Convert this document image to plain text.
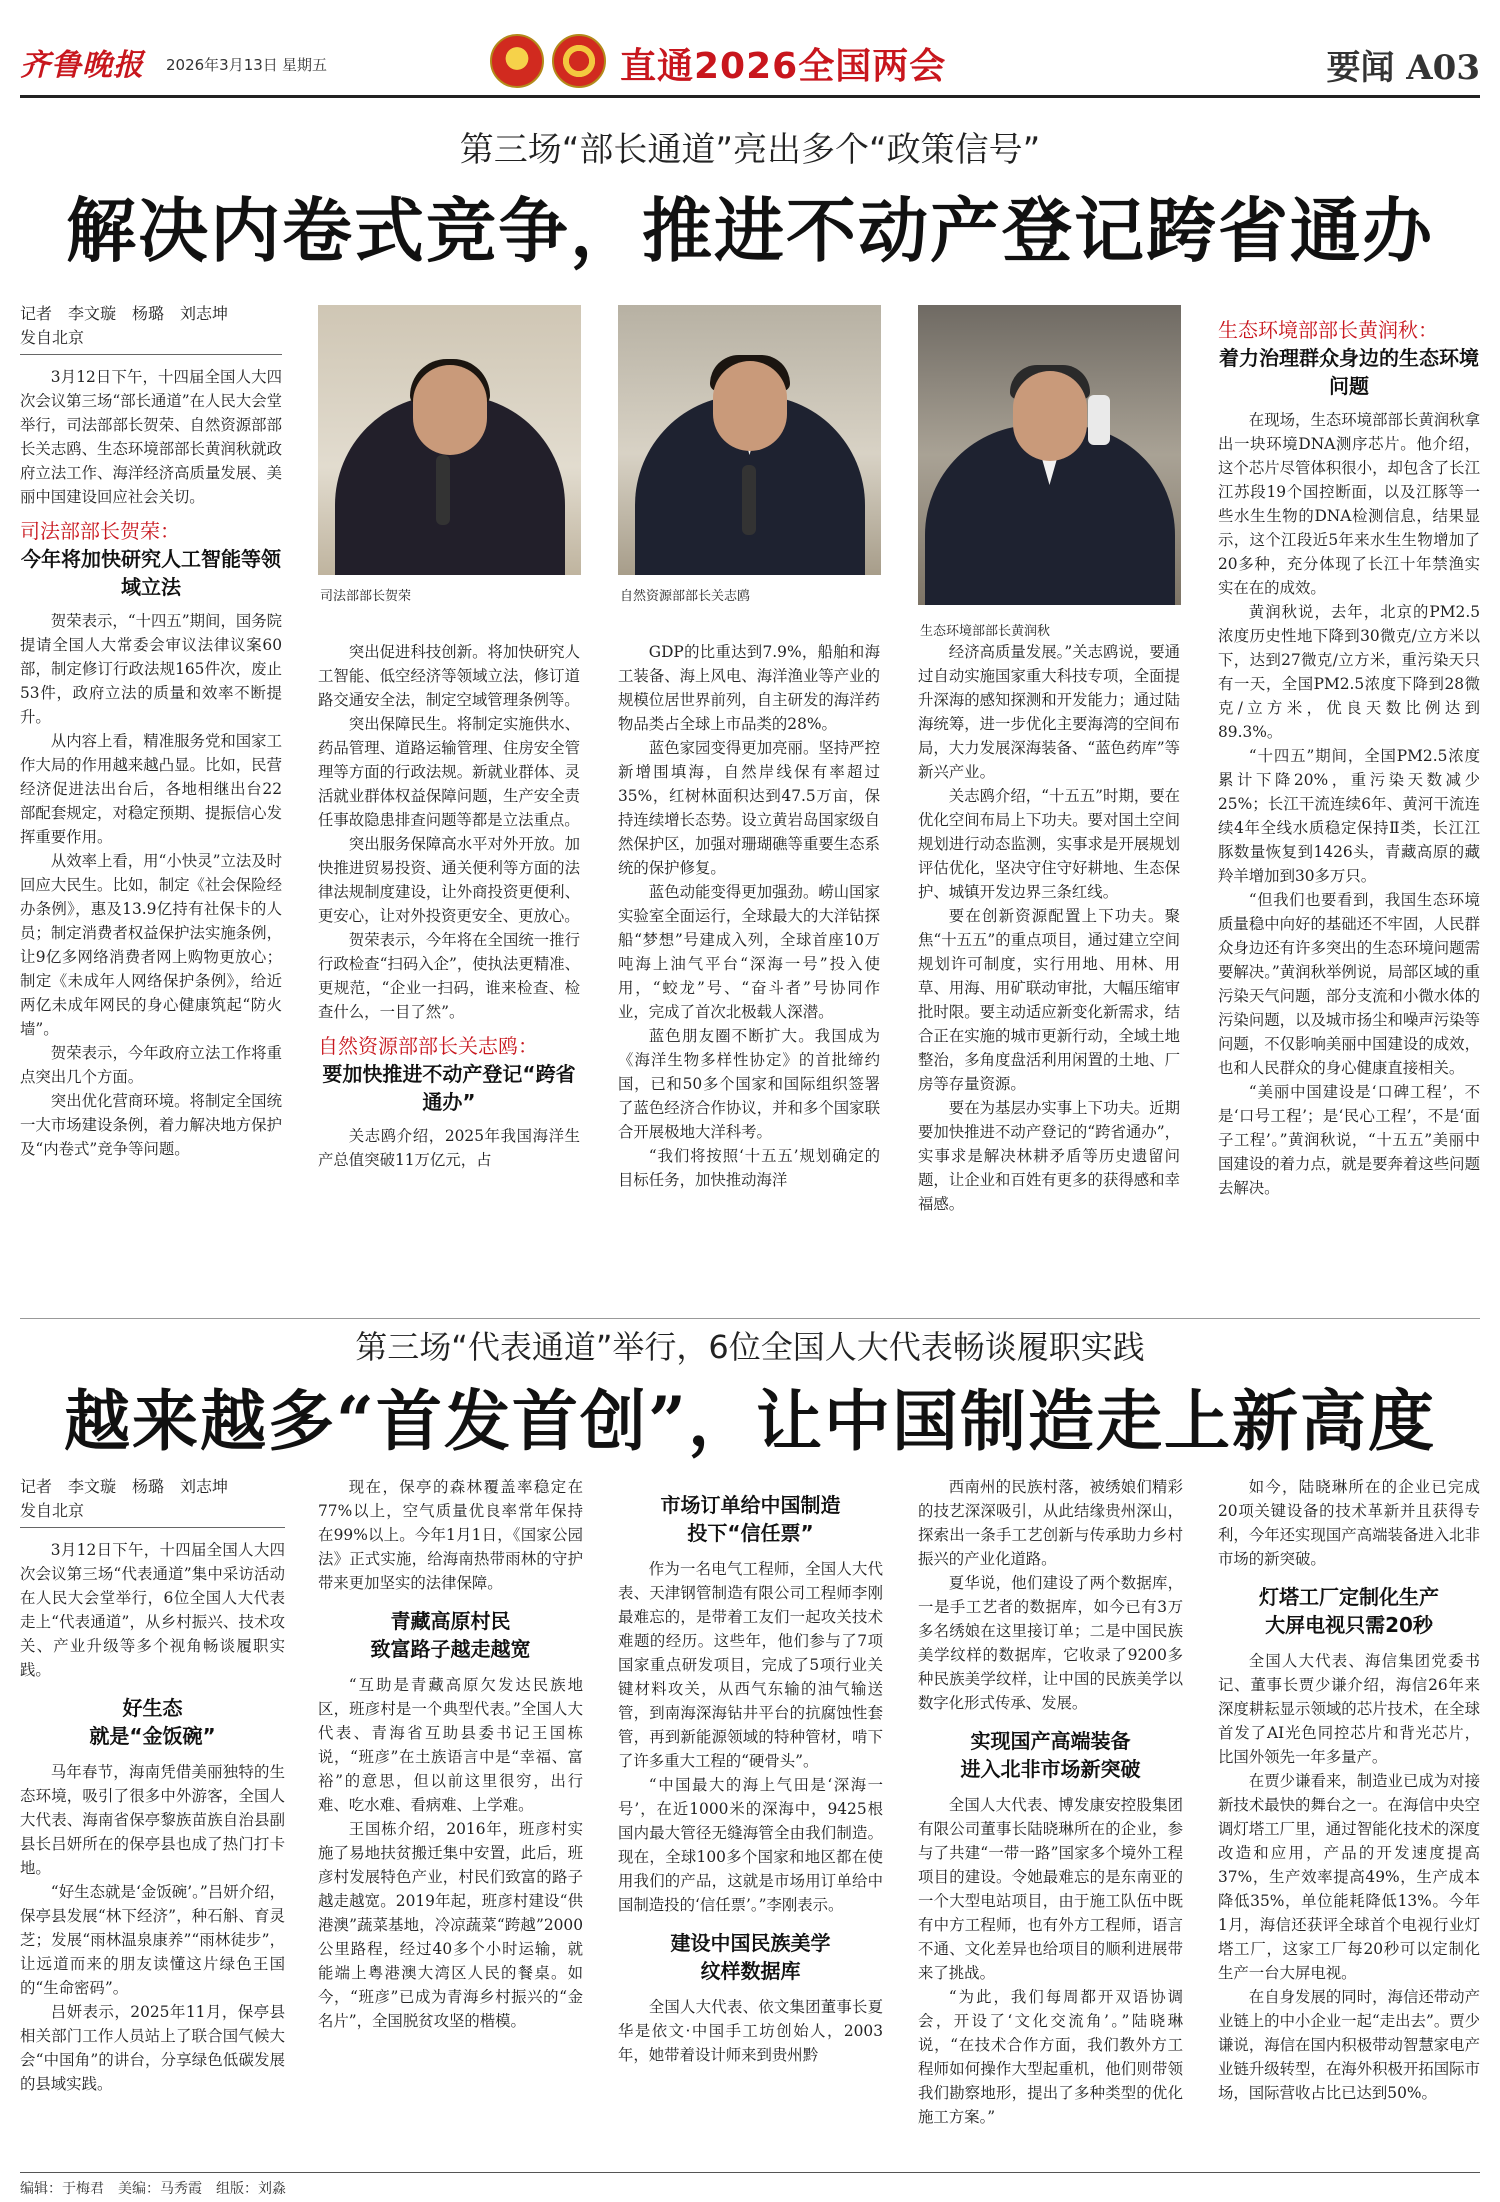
齐鲁晚报 2026年3月13日 星期五	直通2026全国两会	要闻 A03
第三场“部长通道”亮出多个“政策信号”
解决内卷式竞争，推进不动产登记跨省通办
记者　李文璇　杨璐　刘志坤
发自北京

3月12日下午，十四届全国人大四次会议第三场“部长通道”在人民大会堂举行，司法部部长贺荣、自然资源部部长关志鸥、生态环境部部长黄润秋就政府立法工作、海洋经济高质量发展、美丽中国建设回应社会关切。

司法部部长贺荣：
今年将加快研究人工智能等领域立法

贺荣表示，“十四五”期间，国务院提请全国人大常委会审议法律议案60部，制定修订行政法规165件次，废止53件，政府立法的质量和效率不断提升。

从内容上看，精准服务党和国家工作大局的作用越来越凸显。比如，民营经济促进法出台后，各地相继出台22部配套规定，对稳定预期、提振信心发挥重要作用。

从效率上看，用“小快灵”立法及时回应大民生。比如，制定《社会保险经办条例》，惠及13.9亿持有社保卡的人员；制定消费者权益保护法实施条例，让9亿多网络消费者网上购物更放心；制定《未成年人网络保护条例》，给近两亿未成年网民的身心健康筑起“防火墙”。

贺荣表示，今年政府立法工作将重点突出几个方面。

突出优化营商环境。将制定全国统一大市场建设条例，着力解决地方保护及“内卷式”竞争等问题。

司法部部长贺荣	自然资源部部长关志鸥
生态环境部部长黄润秋

突出促进科技创新。将加快研究人工智能、低空经济等领域立法，修订道路交通安全法，制定空域管理条例等。

突出保障民生。将制定实施供水、药品管理、道路运输管理、住房安全管理等方面的行政法规。新就业群体、灵活就业群体权益保障问题，生产安全责任事故隐患排查问题等都是立法重点。

突出服务保障高水平对外开放。加快推进贸易投资、通关便利等方面的法律法规制度建设，让外商投资更便利、更安心，让对外投资更安全、更放心。

贺荣表示，今年将在全国统一推行行政检查“扫码入企”，使执法更精准、更规范，“企业一扫码，谁来检查、检查什么，一目了然”。

自然资源部部长关志鸥：
要加快推进不动产登记“跨省通办”

关志鸥介绍，2025年我国海洋生产总值突破11万亿元，占

GDP的比重达到7.9%，船舶和海工装备、海上风电、海洋渔业等产业的规模位居世界前列，自主研发的海洋药物品类占全球上市品类的28%。

蓝色家园变得更加亮丽。坚持严控新增围填海，自然岸线保有率超过35%，红树林面积达到47.5万亩，保持连续增长态势。设立黄岩岛国家级自然保护区，加强对珊瑚礁等重要生态系统的保护修复。

蓝色动能变得更加强劲。崂山国家实验室全面运行，全球最大的大洋钻探船“梦想”号建成入列，全球首座10万吨海上油气平台“深海一号”投入使用，“蛟龙”号、“奋斗者”号协同作业，完成了首次北极载人深潜。

蓝色朋友圈不断扩大。我国成为《海洋生物多样性协定》的首批缔约国，已和50多个国家和国际组织签署了蓝色经济合作协议，并和多个国家联合开展极地大洋科考。

“我们将按照‘十五五’规划确定的目标任务，加快推动海洋

经济高质量发展。”关志鸥说，要通过自动实施国家重大科技专项，全面提升深海的感知探测和开发能力；通过陆海统筹，进一步优化主要海湾的空间布局，大力发展深海装备、“蓝色药库”等新兴产业。

关志鸥介绍，“十五五”时期，要在优化空间布局上下功夫。要对国土空间规划进行动态监测，实事求是开展规划评估优化，坚决守住守好耕地、生态保护、城镇开发边界三条红线。

要在创新资源配置上下功夫。聚焦“十五五”的重点项目，通过建立空间规划许可制度，实行用地、用林、用草、用海、用矿联动审批，大幅压缩审批时限。要主动适应新变化新需求，结合正在实施的城市更新行动，全域土地整治，多角度盘活利用闲置的土地、厂房等存量资源。

要在为基层办实事上下功夫。近期要加快推进不动产登记的“跨省通办”，实事求是解决林耕矛盾等历史遗留问题，让企业和百姓有更多的获得感和幸福感。

生态环境部部长黄润秋：
着力治理群众身边的生态环境问题

在现场，生态环境部部长黄润秋拿出一块环境DNA测序芯片。他介绍，这个芯片尽管体积很小，却包含了长江江苏段19个国控断面，以及江豚等一些水生生物的DNA检测信息，结果显示，这个江段近5年来水生生物增加了20多种，充分体现了长江十年禁渔实实在在的成效。

黄润秋说，去年，北京的PM2.5浓度历史性地下降到30微克/立方米以下，达到27微克/立方米，重污染天只有一天，全国PM2.5浓度下降到28微克/立方米，优良天数比例达到89.3%。

“十四五”期间，全国PM2.5浓度累计下降20%，重污染天数减少25%；长江干流连续6年、黄河干流连续4年全线水质稳定保持Ⅱ类，长江江豚数量恢复到1426头，青藏高原的藏羚羊增加到30多万只。

“但我们也要看到，我国生态环境质量稳中向好的基础还不牢固，人民群众身边还有许多突出的生态环境问题需要解决。”黄润秋举例说，局部区域的重污染天气问题，部分支流和小微水体的污染问题，以及城市扬尘和噪声污染等问题，不仅影响美丽中国建设的成效，也和人民群众的身心健康直接相关。

“美丽中国建设是‘口碑工程’，不是‘口号工程’；是‘民心工程’，不是‘面子工程’。”黄润秋说，“十五五”美丽中国建设的着力点，就是要奔着这些问题去解决。

第三场“代表通道”举行，6位全国人大代表畅谈履职实践
越来越多“首发首创”，让中国制造走上新高度
记者　李文璇　杨璐　刘志坤
发自北京

3月12日下午，十四届全国人大四次会议第三场“代表通道”集中采访活动在人民大会堂举行，6位全国人大代表走上“代表通道”，从乡村振兴、技术攻关、产业升级等多个视角畅谈履职实践。

好生态
就是“金饭碗”

马年春节，海南凭借美丽独特的生态环境，吸引了很多中外游客，全国人大代表、海南省保亭黎族苗族自治县副县长吕妍所在的保亭县也成了热门打卡地。

“好生态就是‘金饭碗’。”吕妍介绍，保亭县发展“林下经济”，种石斛、育灵芝；发展“雨林温泉康养”“雨林徒步”，让远道而来的朋友读懂这片绿色王国的“生命密码”。

吕妍表示，2025年11月，保亭县相关部门工作人员站上了联合国气候大会“中国角”的讲台，分享绿色低碳发展的县域实践。

现在，保亭的森林覆盖率稳定在77%以上，空气质量优良率常年保持在99%以上。今年1月1日，《国家公园法》正式实施，给海南热带雨林的守护带来更加坚实的法律保障。

青藏高原村民
致富路子越走越宽

“互助是青藏高原欠发达民族地区，班彦村是一个典型代表。”全国人大代表、青海省互助县委书记王国栋说，“班彦”在土族语言中是“幸福、富裕”的意思，但以前这里很穷，出行难、吃水难、看病难、上学难。

王国栋介绍，2016年，班彦村实施了易地扶贫搬迁集中安置，此后，班彦村发展特色产业，村民们致富的路子越走越宽。2019年起，班彦村建设“供港澳”蔬菜基地，冷凉蔬菜“跨越”2000公里路程，经过40多个小时运输，就能端上粤港澳大湾区人民的餐桌。如今，“班彦”已成为青海乡村振兴的“金名片”，全国脱贫攻坚的楷模。

市场订单给中国制造
投下“信任票”

作为一名电气工程师，全国人大代表、天津钢管制造有限公司工程师李刚最难忘的，是带着工友们一起攻关技术难题的经历。这些年，他们参与了7项国家重点研发项目，完成了5项行业关键材料攻关，从西气东输的油气输送管，到南海深海钻井平台的抗腐蚀性套管，再到新能源领域的特种管材，啃下了许多重大工程的“硬骨头”。

“中国最大的海上气田是‘深海一号’，在近1000米的深海中，9425根国内最大管径无缝海管全由我们制造。现在，全球100多个国家和地区都在使用我们的产品，这就是市场用订单给中国制造投的‘信任票’。”李刚表示。

建设中国民族美学
纹样数据库

全国人大代表、依文集团董事长夏华是依文·中国手工坊创始人，2003年，她带着设计师来到贵州黔

西南州的民族村落，被绣娘们精彩的技艺深深吸引，从此结缘贵州深山，探索出一条手工艺创新与传承助力乡村振兴的产业化道路。

夏华说，他们建设了两个数据库，一是手工艺者的数据库，如今已有3万多名绣娘在这里接订单；二是中国民族美学纹样的数据库，它收录了9200多种民族美学纹样，让中国的民族美学以数字化形式传承、发展。

实现国产高端装备
进入北非市场新突破

全国人大代表、博发康安控股集团有限公司董事长陆晓琳所在的企业，参与了共建“一带一路”国家多个境外工程项目的建设。令她最难忘的是东南亚的一个大型电站项目，由于施工队伍中既有中方工程师，也有外方工程师，语言不通、文化差异也给项目的顺利进展带来了挑战。

“为此，我们每周都开双语协调会，开设了‘文化交流角’。”陆晓琳说，“在技术合作方面，我们教外方工程师如何操作大型起重机，他们则带领我们勘察地形，提出了多种类型的优化施工方案。”

如今，陆晓琳所在的企业已完成20项关键设备的技术革新并且获得专利，今年还实现国产高端装备进入北非市场的新突破。

灯塔工厂定制化生产
大屏电视只需20秒

全国人大代表、海信集团党委书记、董事长贾少谦介绍，海信26年来深度耕耘显示领域的芯片技术，在全球首发了AI光色同控芯片和背光芯片，比国外领先一年多量产。

在贾少谦看来，制造业已成为对接新技术最快的舞台之一。在海信中央空调灯塔工厂里，通过智能化技术的深度改造和应用，产品的开发速度提高37%，生产效率提高49%，生产成本降低35%，单位能耗降低13%。今年1月，海信还获评全球首个电视行业灯塔工厂，这家工厂每20秒可以定制化生产一台大屏电视。

在自身发展的同时，海信还带动产业链上的中小企业一起“走出去”。贾少谦说，海信在国内积极带动智慧家电产业链升级转型，在海外积极开拓国际市场，国际营收占比已达到50%。

编辑：于梅君　美编：马秀霞　组版：刘淼
